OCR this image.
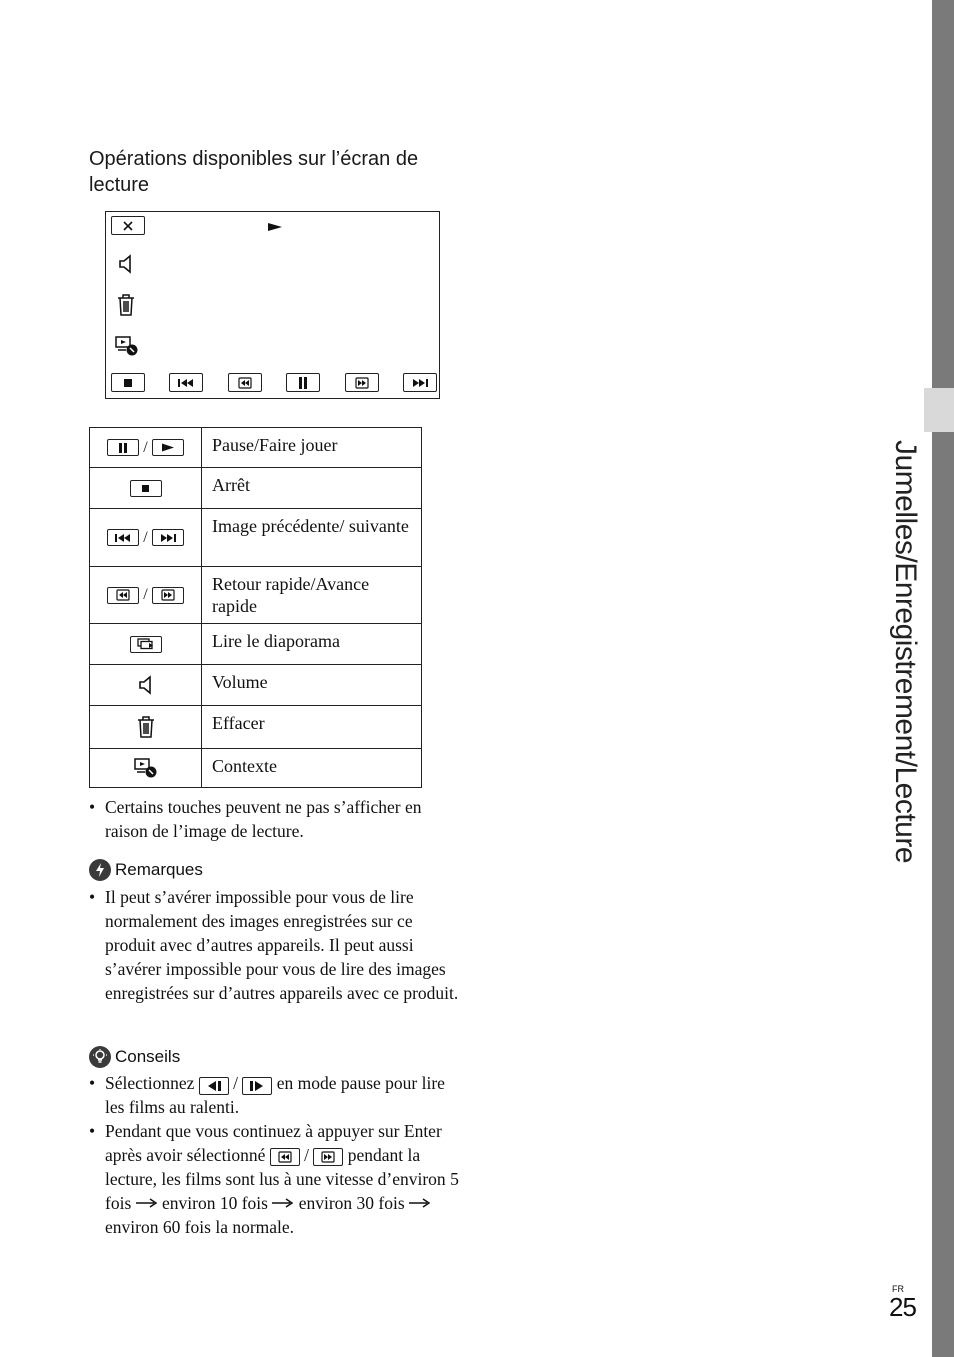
Jumelles/Enregistrement/Lecture
Opérations disponibles sur l’écran de lecture
/	Pause/Faire jouer

	Arrêt

/	Image précédente/ suivante

/	Retour rapide/Avance rapide

	Lire le diaporama

	Volume

	Effacer

	Contexte
• Certains touches peuvent ne pas s’afficher en raison de l’image de lecture.
Remarques
• Il peut s’avérer impossible pour vous de lire normalement des images enregistrées sur ce produit avec d’autres appareils. Il peut aussi s’avérer impossible pour vous de lire des images enregistrées sur d’autres appareils avec ce produit.
Conseils
• Sélectionnez / en mode pause pour lire les films au ralenti.
• Pendant que vous continuez à appuyer sur Enter après avoir sélectionné / pendant la lecture, les films sont lus à une vitesse d’environ 5 fois environ 10 fois environ 30 fois  environ 60 fois la normale.
FR
25
